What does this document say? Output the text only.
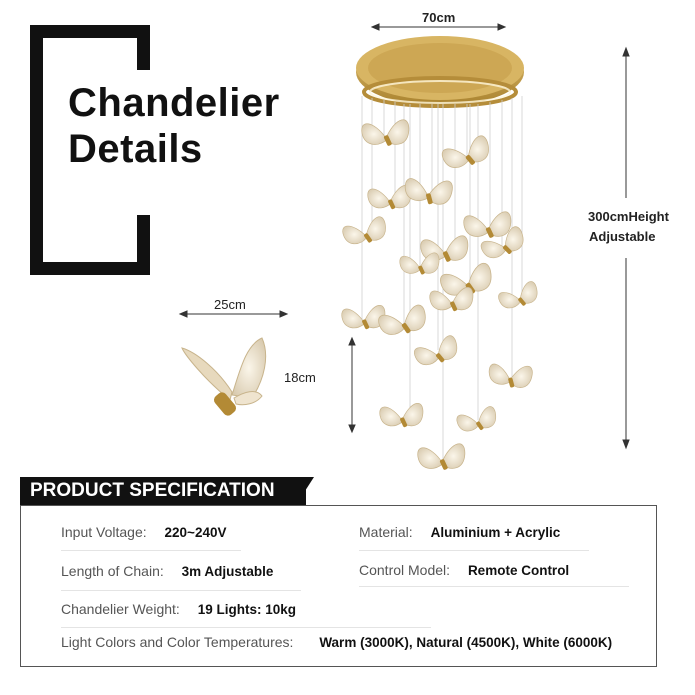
Chandelier
Details
70cm
300cmHeight
Adjustable
25cm
18cm
PRODUCT SPECIFICATION
Input Voltage: 220~240V	Material: Aluminium + Acrylic
Length of Chain: 3m Adjustable	Control Model: Remote Control
Chandelier Weight: 19 Lights: 10kg
Light Colors and Color Temperatures: Warm (3000K), Natural (4500K), White (6000K)
